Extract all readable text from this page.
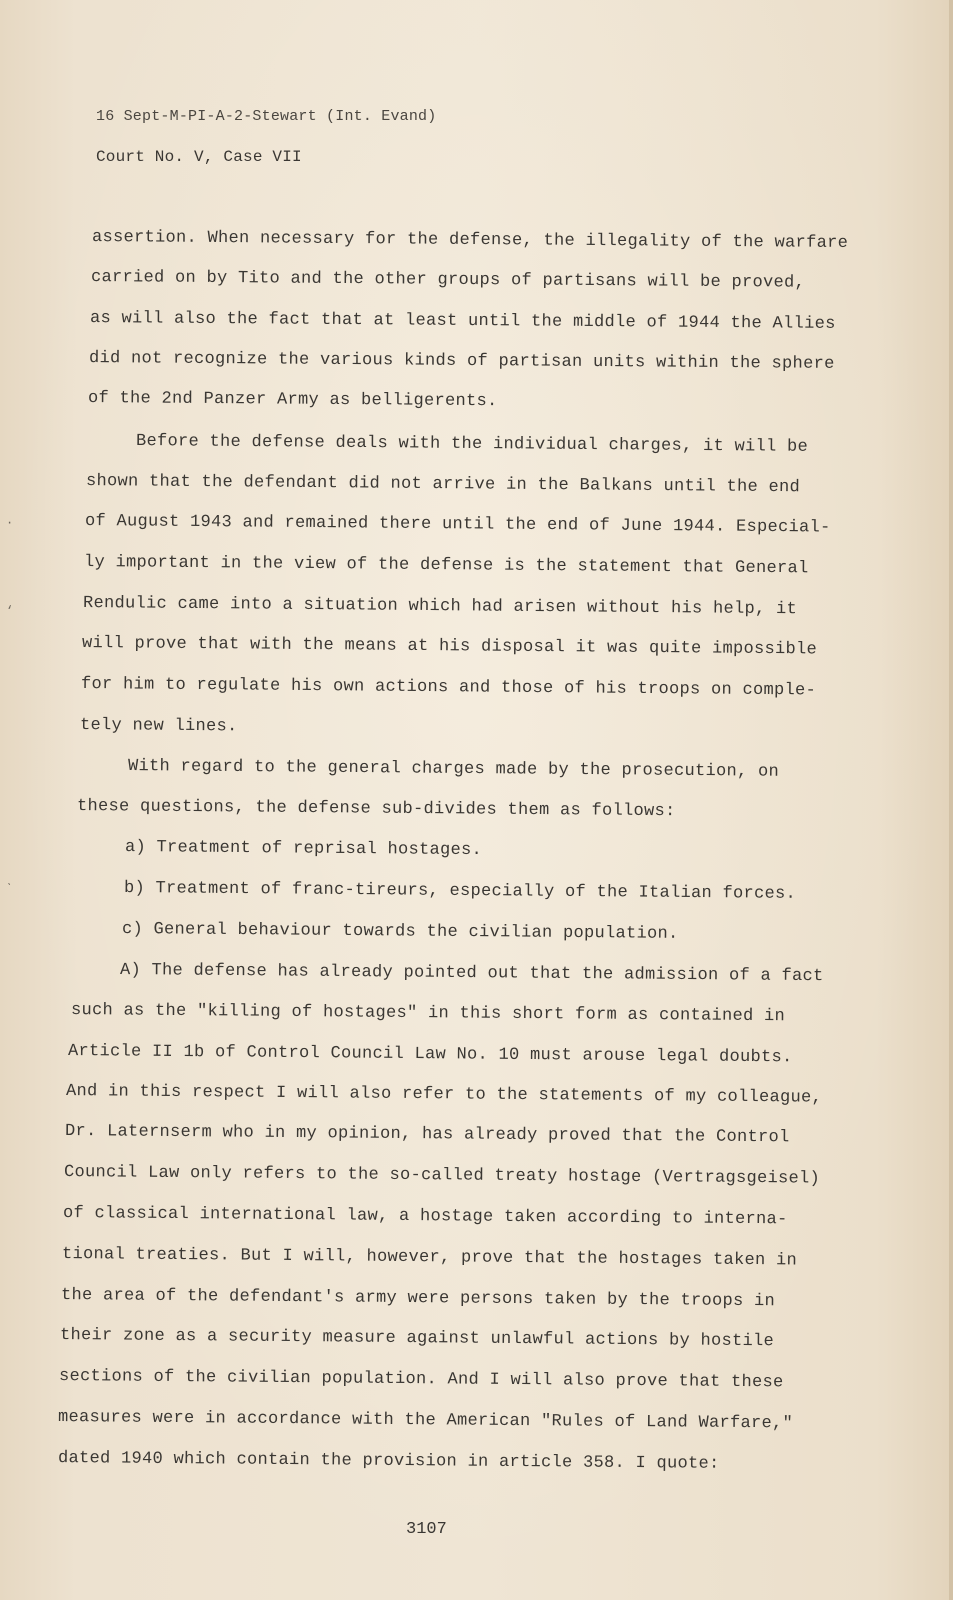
16 Sept-M-PI-A-2-Stewart (Int. Evand)
Court No. V, Case VII
assertion. When necessary for the defense, the illegality of the warfare
carried on by Tito and the other groups of partisans will be proved,
as will also the fact that at least until the middle of 1944 the Allies
did not recognize the various kinds of partisan units within the sphere
of the 2nd Panzer Army as belligerents.
Before the defense deals with the individual charges, it will be
shown that the defendant did not arrive in the Balkans until the end
of August 1943 and remained there until the end of June 1944. Especial-
ly important in the view of the defense is the statement that General
Rendulic came into a situation which had arisen without his help, it
will prove that with the means at his disposal it was quite impossible
for him to regulate his own actions and those of his troops on comple-
tely new lines.
With regard to the general charges made by the prosecution, on
these questions, the defense sub-divides them as follows:
a) Treatment of reprisal hostages.
b) Treatment of franc-tireurs, especially of the Italian forces.
c) General behaviour towards the civilian population.
A) The defense has already pointed out that the admission of a fact
such as the "killing of hostages" in this short form as contained in
Article II 1b of Control Council Law No. 10 must arouse legal doubts.
And in this respect I will also refer to the statements of my colleague,
Dr. Laternserm who in my opinion, has already proved that the Control
Council Law only refers to the so-called treaty hostage (Vertragsgeisel)
of classical international law, a hostage taken according to interna-
tional treaties. But I will, however, prove that the hostages taken in
the area of the defendant's army were persons taken by the troops in
their zone as a security measure against unlawful actions by hostile
sections of the civilian population. And I will also prove that these
measures were in accordance with the American "Rules of Land Warfare,"
dated 1940 which contain the provision in article 358. I quote:
3107
·
‘
ˋ
